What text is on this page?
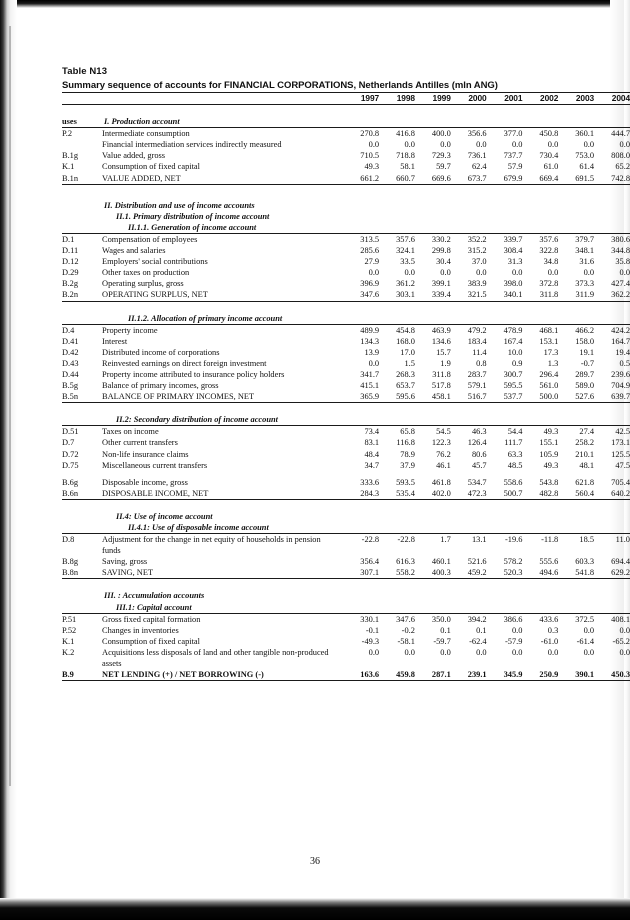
Table N13
Summary sequence of accounts for FINANCIAL CORPORATIONS, Netherlands Antilles (mln ANG)
		1997	1998	1999	2000	2001	2002	2003	2004

uses	I. Production account								
P.2	Intermediate consumption	270.8	416.8	400.0	356.6	377.0	450.8	360.1	444.7
	Financial intermediation services indirectly measured	0.0	0.0	0.0	0.0	0.0	0.0	0.0	0.0
B.1g	Value added, gross	710.5	718.8	729.3	736.1	737.7	730.4	753.0	808.0
K.1	Consumption of fixed capital	49.3	58.1	59.7	62.4	57.9	61.0	61.4	65.2
B.1n	VALUE ADDED, NET	661.2	660.7	669.6	673.7	679.9	669.4	691.5	742.8

	II. Distribution and use of income accounts								
	II.1. Primary distribution of income account								
	II.1.1. Generation of income account								
D.1	Compensation of employees	313.5	357.6	330.2	352.2	339.7	357.6	379.7	380.6
D.11	Wages and salaries	285.6	324.1	299.8	315.2	308.4	322.8	348.1	344.8
D.12	Employers' social contributions	27.9	33.5	30.4	37.0	31.3	34.8	31.6	35.8
D.29	Other taxes on production	0.0	0.0	0.0	0.0	0.0	0.0	0.0	0.0
B.2g	Operating surplus, gross	396.9	361.2	399.1	383.9	398.0	372.8	373.3	427.4
B.2n	OPERATING SURPLUS, NET	347.6	303.1	339.4	321.5	340.1	311.8	311.9	362.2

	II.1.2. Allocation of primary income account								
D.4	Property income	489.9	454.8	463.9	479.2	478.9	468.1	466.2	424.2
D.41	Interest	134.3	168.0	134.6	183.4	167.4	153.1	158.0	164.7
D.42	Distributed income of corporations	13.9	17.0	15.7	11.4	10.0	17.3	19.1	19.4
D.43	Reinvested earnings on direct foreign investment	0.0	1.5	1.9	0.8	0.9	1.3	-0.7	0.5
D.44	Property income attributed to insurance policy holders	341.7	268.3	311.8	283.7	300.7	296.4	289.7	239.6
B.5g	Balance of primary incomes, gross	415.1	653.7	517.8	579.1	595.5	561.0	589.0	704.9
B.5n	BALANCE OF PRIMARY INCOMES, NET	365.9	595.6	458.1	516.7	537.7	500.0	527.6	639.7

	II.2: Secondary distribution of income account								
D.51	Taxes on income	73.4	65.8	54.5	46.3	54.4	49.3	27.4	42.5
D.7	Other current transfers	83.1	116.8	122.3	126.4	111.7	155.1	258.2	173.1
D.72	Non-life insurance claims	48.4	78.9	76.2	80.6	63.3	105.9	210.1	125.5
D.75	Miscellaneous current transfers	34.7	37.9	46.1	45.7	48.5	49.3	48.1	47.5

B.6g	Disposable income, gross	333.6	593.5	461.8	534.7	558.6	543.8	621.8	705.4
B.6n	DISPOSABLE INCOME, NET	284.3	535.4	402.0	472.3	500.7	482.8	560.4	640.2

	II.4: Use of income account								
	II.4.1: Use of disposable income account								
D.8	Adjustment for the change in net equity of households in pension	-22.8	-22.8	1.7	13.1	-19.6	-11.8	18.5	11.0
	funds								
B.8g	Saving, gross	356.4	616.3	460.1	521.6	578.2	555.6	603.3	694.4
B.8n	SAVING, NET	307.1	558.2	400.3	459.2	520.3	494.6	541.8	629.2

	III. : Accumulation accounts								
	III.1: Capital account								
P.51	Gross fixed capital formation	330.1	347.6	350.0	394.2	386.6	433.6	372.5	408.1
P.52	Changes in inventories	-0.1	-0.2	0.1	0.1	0.0	0.3	0.0	0.0
K.1	Consumption of fixed capital	-49.3	-58.1	-59.7	-62.4	-57.9	-61.0	-61.4	-65.2
K.2	Acquisitions less disposals of land and other tangible non-produced	0.0	0.0	0.0	0.0	0.0	0.0	0.0	0.0
	assets								
B.9	NET LENDING (+) / NET BORROWING (-)	163.6	459.8	287.1	239.1	345.9	250.9	390.1	450.3
36
